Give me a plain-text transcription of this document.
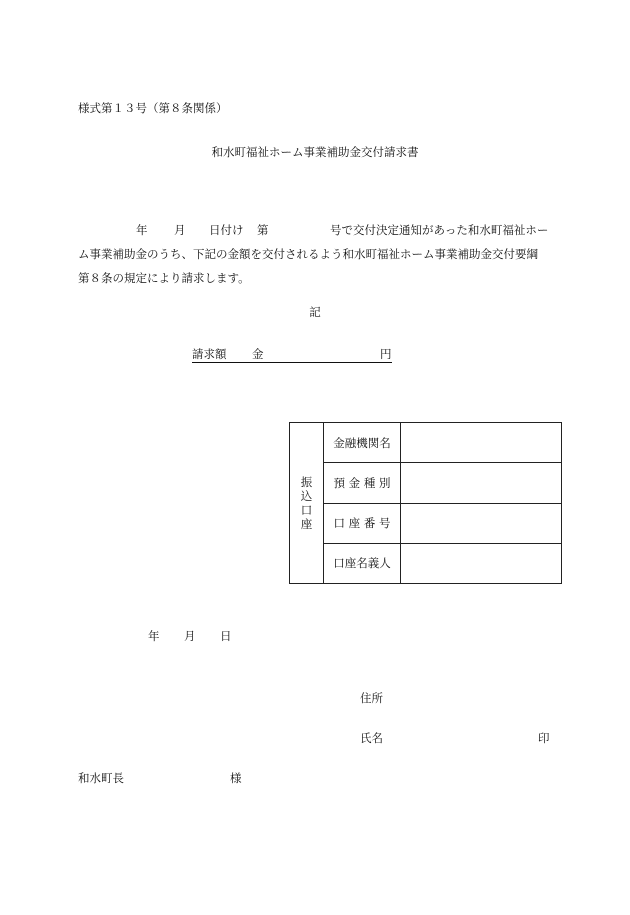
様式第１３号（第８条関係）
和水町福祉ホーム事業補助金交付請求書
年 月 日付け 第	号で交付決定通知があった和水町福祉ホー
ム事業補助金のうち、下記の金額を交付されるよう和水町福祉ホーム事業補助金交付要綱
第８条の規定により請求します。
記
請求額 金	円
振
込
口
座	金融機関名	
	預 金 種 別	
	口 座 番 号	
	口座名義人	
年 月 日
住所
氏名	印
和水町長	様
